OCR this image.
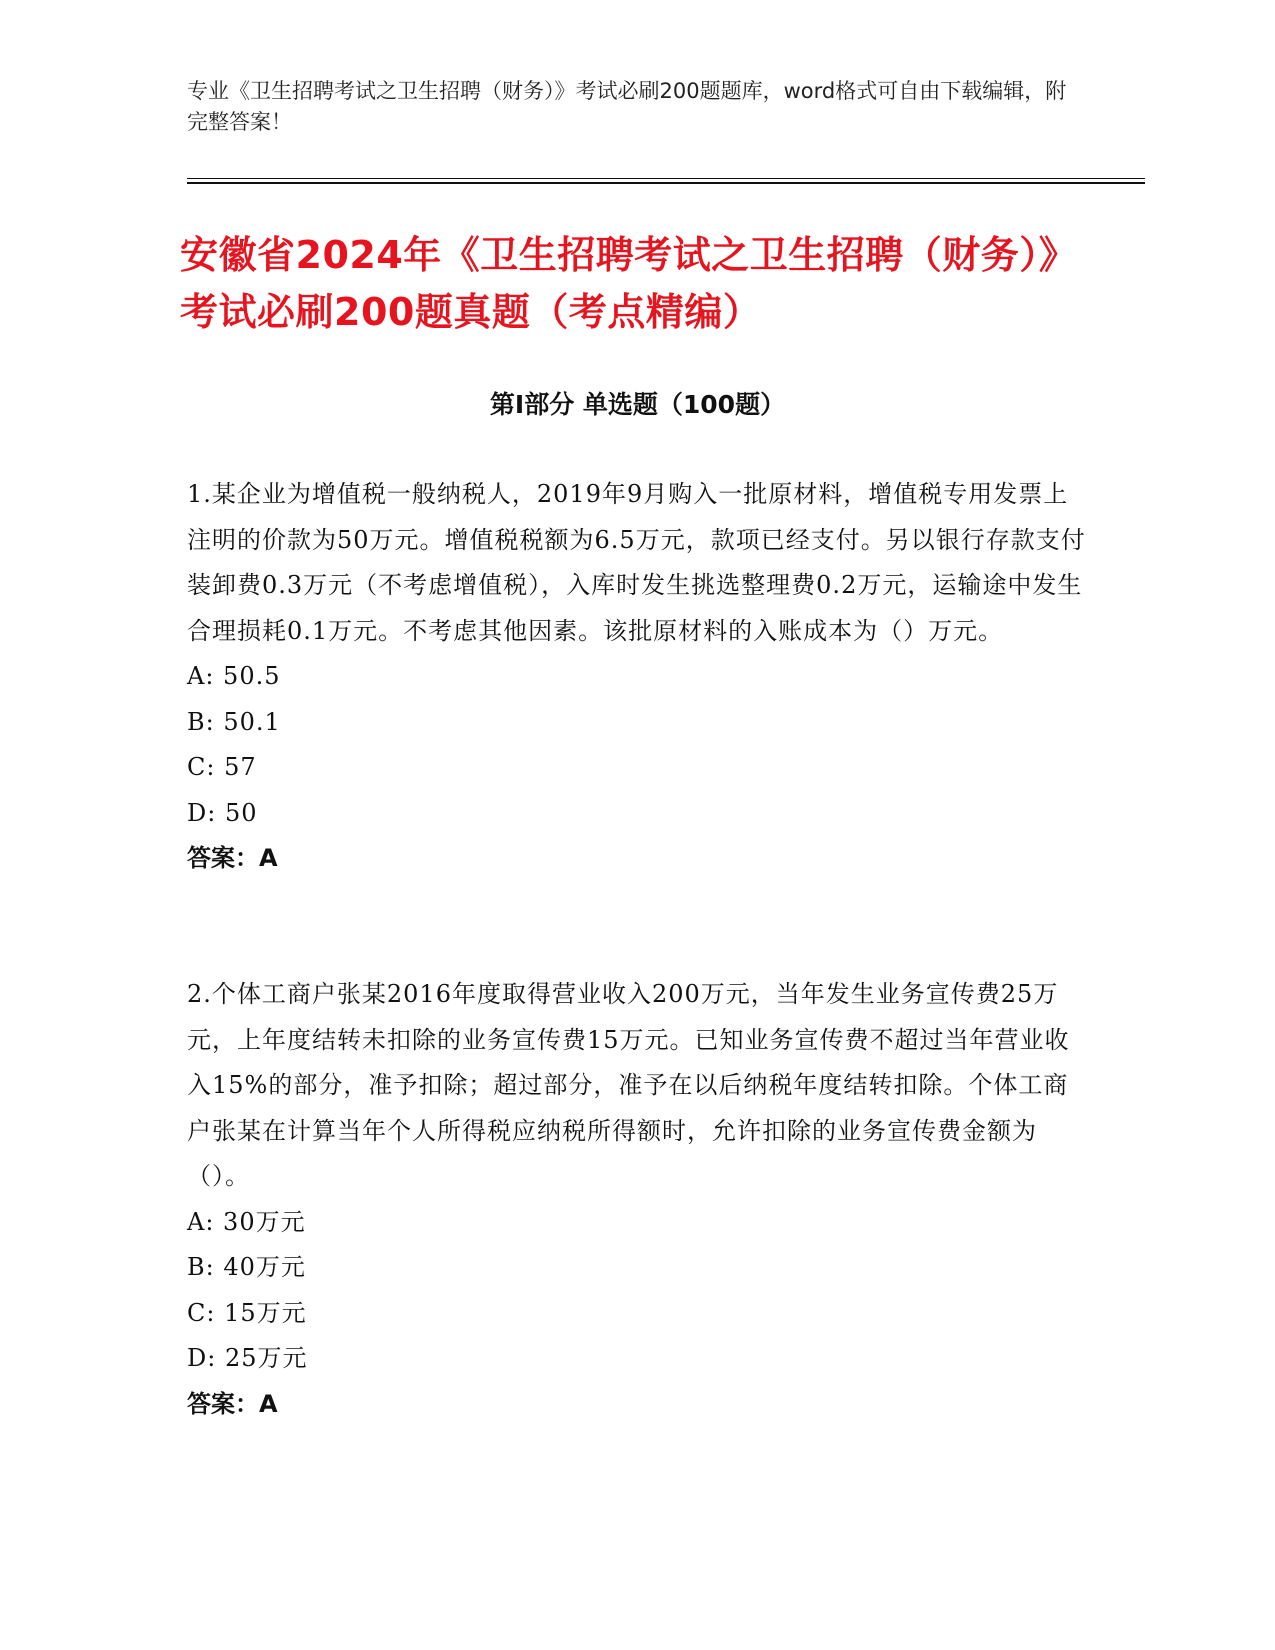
专业《卫生招聘考试之卫生招聘（财务）》考试必刷200题题库，word格式可自由下载编辑，附完整答案！
安徽省2024年《卫生招聘考试之卫生招聘（财务）》考试必刷200题真题（考点精编）
第Ⅰ部分 单选题（100题）

1.某企业为增值税一般纳税人，2019年9月购入一批原材料，增值税专用发票上注明的价款为50万元。增值税税额为6.5万元，款项已经支付。另以银行存款支付装卸费0.3万元（不考虑增值税），入库时发生挑选整理费0.2万元，运输途中发生合理损耗0.1万元。不考虑其他因素。该批原材料的入账成本为（）万元。

A: 50.5

B: 50.1

C: 57

D: 50

答案：A

2.个体工商户张某2016年度取得营业收入200万元，当年发生业务宣传费25万元，上年度结转未扣除的业务宣传费15万元。已知业务宣传费不超过当年营业收入15%的部分，准予扣除；超过部分，准予在以后纳税年度结转扣除。个体工商户张某在计算当年个人所得税应纳税所得额时，允许扣除的业务宣传费金额为（）。

A: 30万元

B: 40万元

C: 15万元

D: 25万元

答案：A
